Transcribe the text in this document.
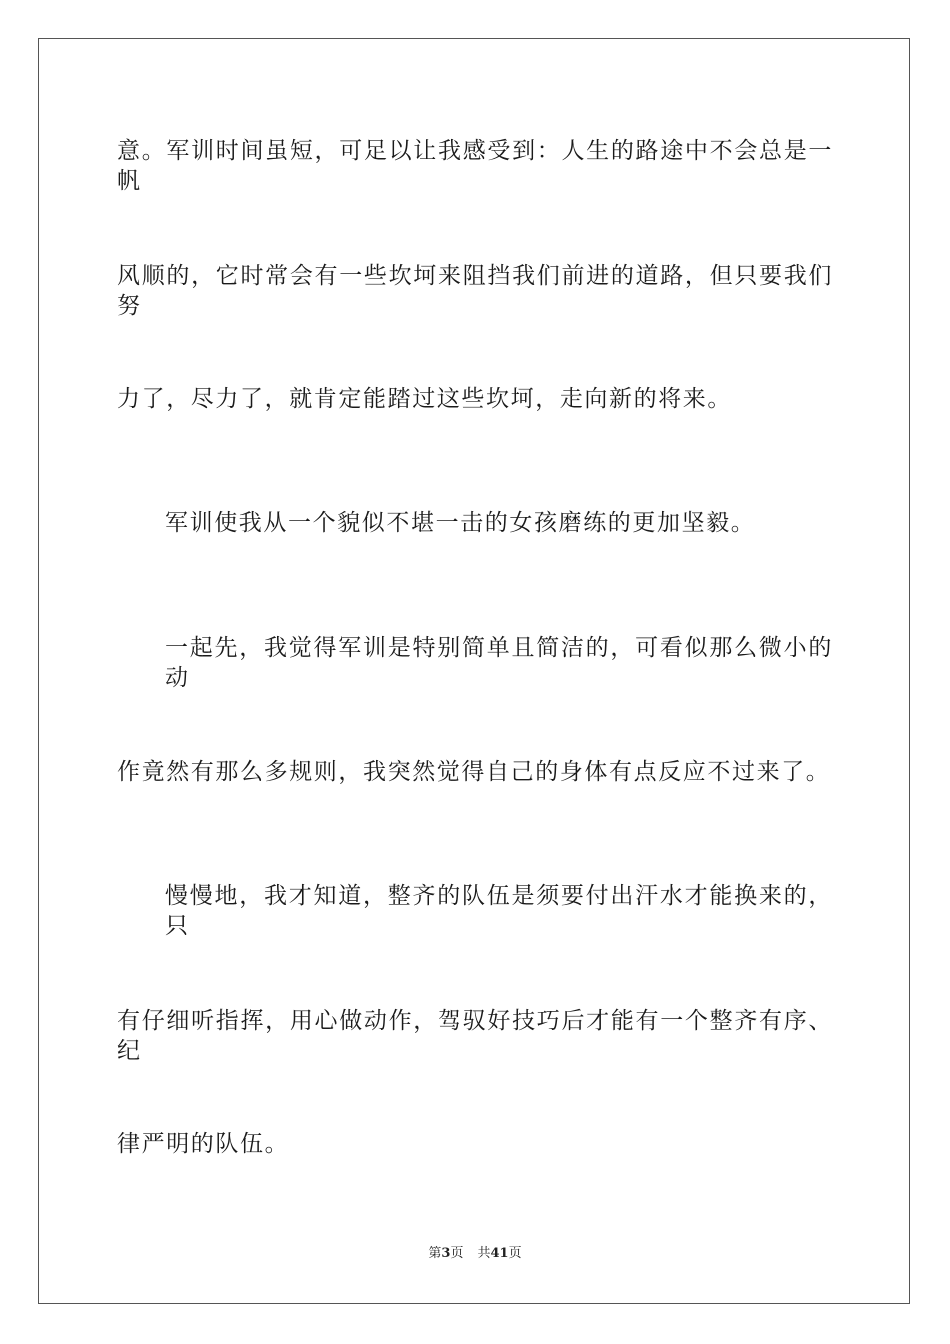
意。军训时间虽短，可足以让我感受到：人生的路途中不会总是一帆
风顺的，它时常会有一些坎坷来阻挡我们前进的道路，但只要我们努
力了，尽力了，就肯定能踏过这些坎坷，走向新的将来。
军训使我从一个貌似不堪一击的女孩磨练的更加坚毅。
一起先，我觉得军训是特别简单且简洁的，可看似那么微小的动
作竟然有那么多规则，我突然觉得自己的身体有点反应不过来了。
慢慢地，我才知道，整齐的队伍是须要付出汗水才能换来的，只
有仔细听指挥，用心做动作，驾驭好技巧后才能有一个整齐有序、纪
律严明的队伍。
第3页 共41页
